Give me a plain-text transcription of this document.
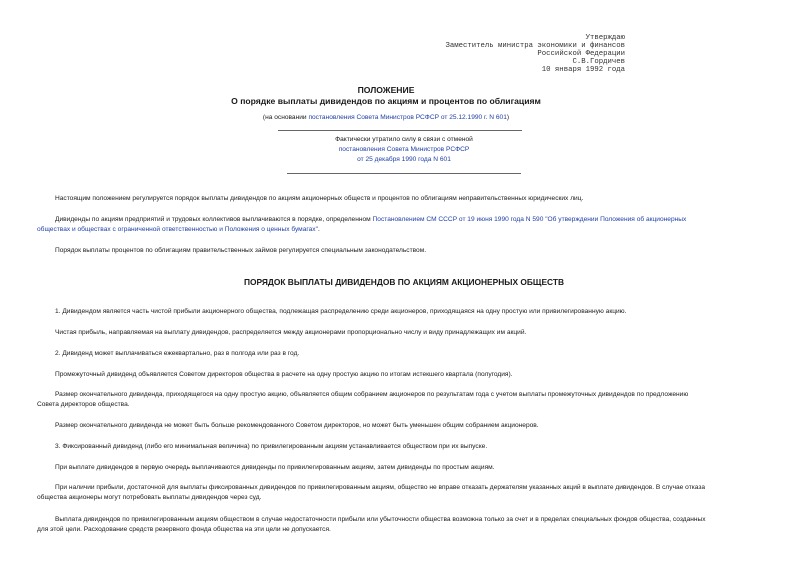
Утверждаю
Заместитель министра экономики и финансов
Российской Федерации
С.В.Гордичев
10 января 1992 года
ПОЛОЖЕНИЕ
О порядке выплаты дивидендов по акциям и процентов по облигациям
(на основании постановления Совета Министров РСФСР от 25.12.1990 г. N 601)
Фактически утратило силу в связи с отменой
постановления Совета Министров РСФСР
от 25 декабря 1990 года N 601
Настоящим положением регулируется порядок выплаты дивидендов по акциям акционерных обществ и процентов по облигациям неправительственных юридических лиц.
Дивиденды по акциям предприятий и трудовых коллективов выплачиваются в порядке, определенном Постановлением СМ СССР от 19 июня 1990 года N 590 "Об утверждении Положения об акционерных
обществах и обществах с ограниченной ответственностью и Положения о ценных бумагах".
Порядок выплаты процентов по облигациям правительственных займов регулируется специальным законодательством.
ПОРЯДОК ВЫПЛАТЫ ДИВИДЕНДОВ ПО АКЦИЯМ АКЦИОНЕРНЫХ ОБЩЕСТВ
1. Дивидендом является часть чистой прибыли акционерного общества, подлежащая распределению среди акционеров, приходящаяся на одну простую или привилегированную акцию.
Чистая прибыль, направляемая на выплату дивидендов, распределяется между акционерами пропорционально числу и виду принадлежащих им акций.
2. Дивиденд может выплачиваться ежеквартально, раз в полгода или раз в год.
Промежуточный дивиденд объявляется Советом директоров общества в расчете на одну простую акцию по итогам истекшего квартала (полугодия).
Размер окончательного дивиденда, приходящегося на одну простую акцию, объявляется общим собранием акционеров по результатам года с учетом выплаты промежуточных дивидендов по предложению
Совета директоров общества.
Размер окончательного дивиденда не может быть больше рекомендованного Советом директоров, но может быть уменьшен общим собранием акционеров.
3. Фиксированный дивиденд (либо его минимальная величина) по привилегированным акциям устанавливается обществом при их выпуске.
При выплате дивидендов в первую очередь выплачиваются дивиденды по привилегированным акциям, затем дивиденды по простым акциям.
При наличии прибыли, достаточной для выплаты фиксированных дивидендов по привилегированным акциям, общество не вправе отказать держателям указанных акций в выплате дивидендов. В случае отказа
общества акционеры могут потребовать выплаты дивидендов через суд.
Выплата дивидендов по привилегированным акциям обществом в случае недостаточности прибыли или убыточности общества возможна только за счет и в пределах специальных фондов общества, созданных
для этой цели. Расходование средств резервного фонда общества на эти цели не допускается.
